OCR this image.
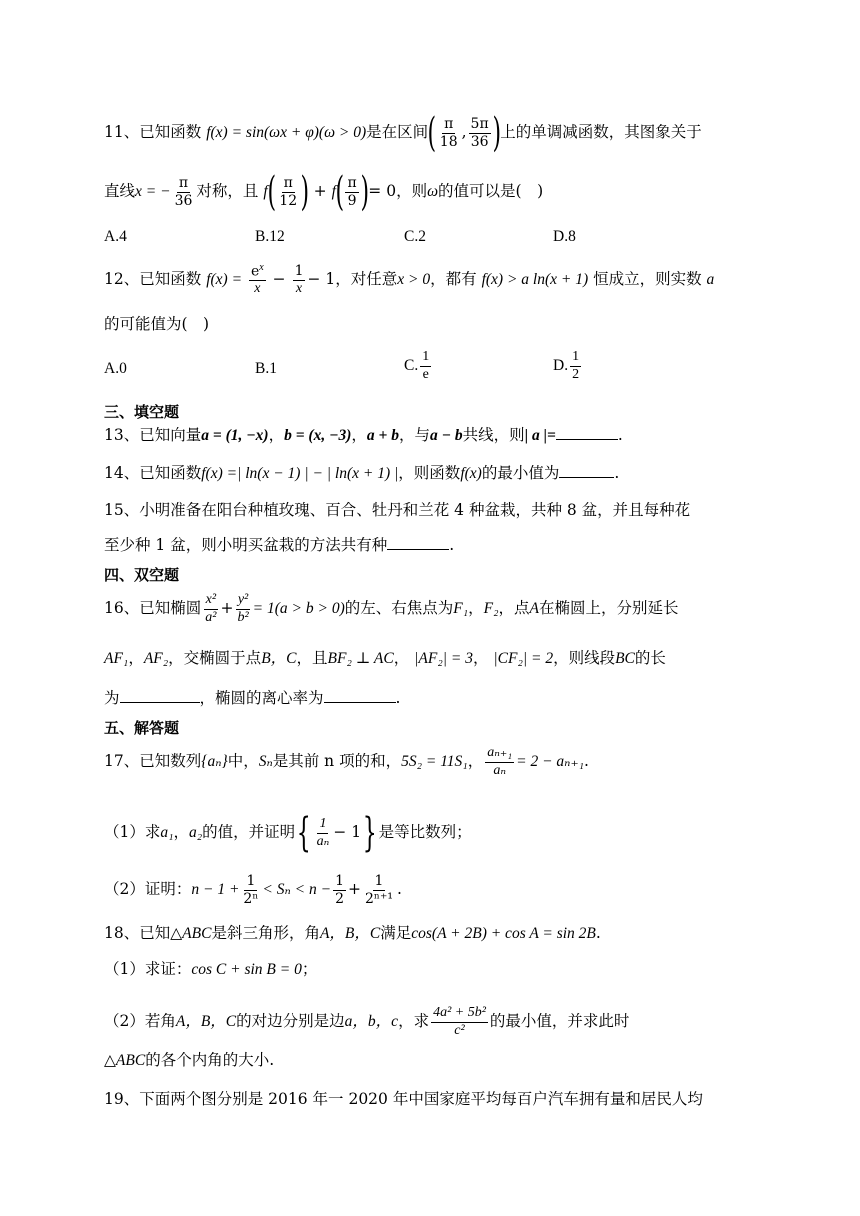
11、已知函数 f(x) = sin(ωx + φ)(ω > 0)是在区间( $\frac{\pi}{18}$ , $\frac{5\pi}{36}$ )上的单调减函数，其图象关于
直线x = − $\frac{\pi}{36}$ 对称，且 $f( \frac{\pi}{12}$ ) + $f( \frac{\pi}{9}$ )= 0，则ω的值可以是(　)
A.4	B.12	C.2	D.8
12、已知函数 $f(x) = \frac{e^x}{x} - \frac{1}{x} - 1$，对任意x > 0，都有 f(x) > a ln(x + 1) 恒成立，则实数 a
的可能值为(　)
A.0	B.1	C. $\frac{1}{e}$	D. $\frac{1}{2}$
三、填空题
13、已知向量a = (1, −x)，b = (x, −3)，a + b，与a − b共线，则| a |=	.
14、已知函数f(x) =| ln(x − 1) | − | ln(x + 1) |，则函数f(x)的最小值为	.
15、小明准备在阳台种植玫瑰、百合、牡丹和兰花 4 种盆栽，共种 8 盆，并且每种花
至少种 1 盆，则小明买盆栽的方法共有种	.
四、双空题
16、已知椭圆 $\frac{\text{x²}}{\text{a²}} + \frac{\text{y²}}{\text{b²}} = 1(a > b > 0)$的左、右焦点为F₁，F₂，点A在椭圆上，分别延长
AF₁，AF₂，交椭圆于点B，C，且BF₂ ⊥ AC， |AF₂| = 3， |CF₂| = 2，则线段BC的长
为	，椭圆的离心率为	.
五、解答题
17、已知数列{aₙ}中，Sₙ是其前 n 项的和，5S₂ = 11S₁， $\frac{\text{aₙ₊₁}}{\text{aₙ}} = 2 - a_{n+1}$.
（1）求a₁，a₂的值，并证明{ $\frac{1}{\text{aₙ}} - 1$} 是等比数列；
（2）证明：$n - 1 + \frac{1}{\text{2ⁿ}} < S_n < n - \frac{1}{2} + \frac{1}{\text{2ⁿ⁺¹}}$ .
18、已知△ABC是斜三角形，角A，B，C满足cos(A + 2B) + cos A = sin 2B.
（1）求证：cos C + sin B = 0；
（2）若角A，B，C的对边分别是边a，b，c，求 $\frac{\text{4a² + 5b²}}{\text{c²}}$ 的最小值，并求此时
△ABC的各个内角的大小.
19、下面两个图分别是 2016 年一 2020 年中国家庭平均每百户汽车拥有量和居民人均
